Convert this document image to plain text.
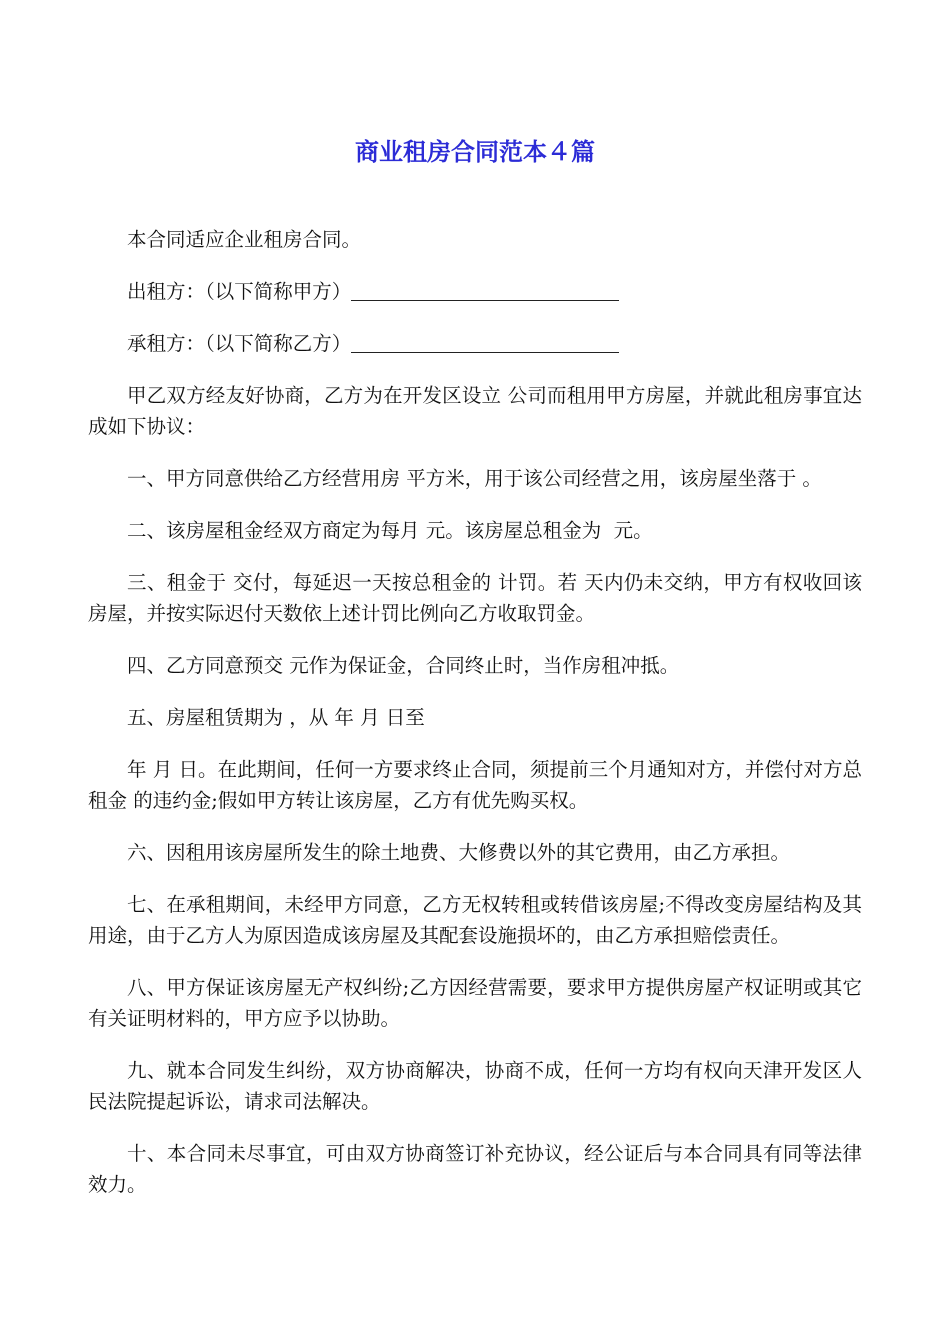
商业租房合同范本４篇

本合同适应企业租房合同。

出租方：（以下简称甲方）

承租方：（以下简称乙方）

甲乙双方经友好协商，乙方为在开发区设立 公司而租用甲方房屋，并就此租房事宜达成如下协议：

一、甲方同意供给乙方经营用房 平方米，用于该公司经营之用，该房屋坐落于 。

二、该房屋租金经双方商定为每月 元。该房屋总租金为  元。

三、租金于 交付，每延迟一天按总租金的 计罚。若 天内仍未交纳，甲方有权收回该房屋，并按实际迟付天数依上述计罚比例向乙方收取罚金。

四、乙方同意预交 元作为保证金，合同终止时，当作房租冲抵。

五、房屋租赁期为 ，从 年 月 日至

年 月 日。在此期间，任何一方要求终止合同，须提前三个月通知对方，并偿付对方总租金 的违约金;假如甲方转让该房屋，乙方有优先购买权。

六、因租用该房屋所发生的除土地费、大修费以外的其它费用，由乙方承担。

七、在承租期间，未经甲方同意，乙方无权转租或转借该房屋;不得改变房屋结构及其用途，由于乙方人为原因造成该房屋及其配套设施损坏的，由乙方承担赔偿责任。

八、甲方保证该房屋无产权纠纷;乙方因经营需要，要求甲方提供房屋产权证明或其它有关证明材料的，甲方应予以协助。

九、就本合同发生纠纷，双方协商解决，协商不成，任何一方均有权向天津开发区人民法院提起诉讼，请求司法解决。

十、本合同未尽事宜，可由双方协商签订补充协议，经公证后与本合同具有同等法律效力。
